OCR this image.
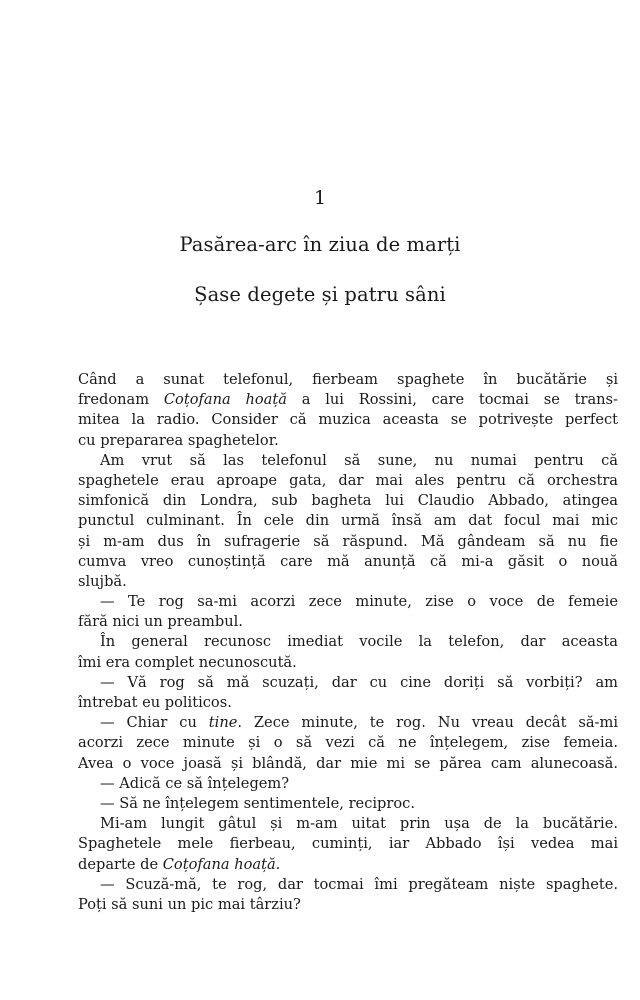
1
Pasărea-arc în ziua de marți
Șase degete și patru sâni
Când a sunat telefonul, fierbeam spaghete în bucătărie și
fredonam Coțofana hoață a lui Rossini, care tocmai se trans-
mitea la radio. Consider că muzica aceasta se potrivește perfect
cu prepararea spaghetelor.
Am vrut să las telefonul să sune, nu numai pentru că
spaghetele erau aproape gata, dar mai ales pentru că orchestra
simfonică din Londra, sub bagheta lui Claudio Abbado, atingea
punctul culminant. În cele din urmă însă am dat focul mai mic
și m-am dus în sufragerie să răspund. Mă gândeam să nu fie
cumva vreo cunoștință care mă anunță că mi-a găsit o nouă
slujbă.
— Te rog sa-mi acorzi zece minute, zise o voce de femeie
fără nici un preambul.
În general recunosc imediat vocile la telefon, dar aceasta
îmi era complet necunoscută.
— Vă rog să mă scuzați, dar cu cine doriți să vorbiți? am
întrebat eu politicos.
— Chiar cu tine. Zece minute, te rog. Nu vreau decât să-mi
acorzi zece minute și o să vezi că ne înțelegem, zise femeia.
Avea o voce joasă și blândă, dar mie mi se părea cam alunecoasă.
— Adică ce să înțelegem?
— Să ne înțelegem sentimentele, reciproc.
Mi-am lungit gâtul și m-am uitat prin ușa de la bucătărie.
Spaghetele mele fierbeau, cuminți, iar Abbado își vedea mai
departe de Coțofana hoață.
— Scuză-mă, te rog, dar tocmai îmi pregăteam niște spaghete.
Poți să suni un pic mai târziu?
